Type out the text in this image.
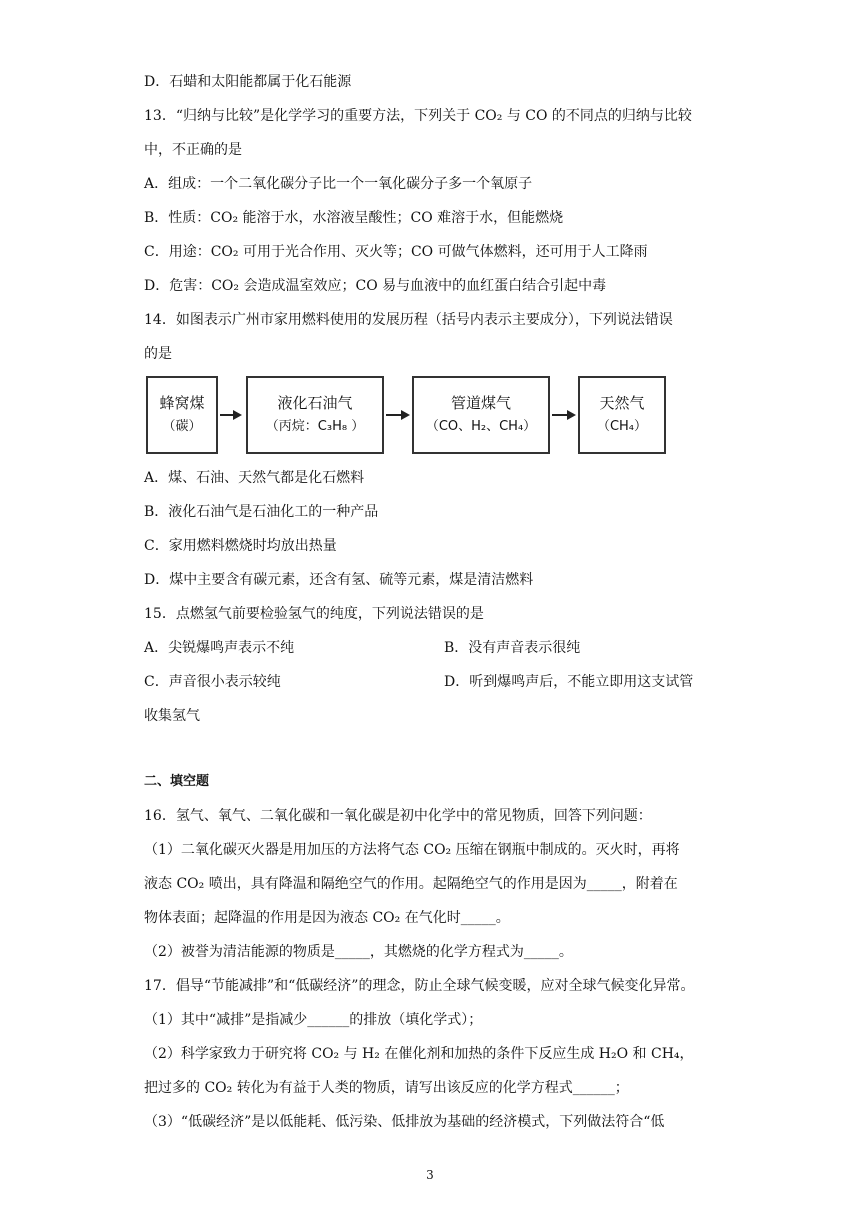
D．石蜡和太阳能都属于化石能源
13．“归纳与比较”是化学学习的重要方法，下列关于 CO₂ 与 CO 的不同点的归纳与比较
中，不正确的是
A．组成：一个二氧化碳分子比一个一氧化碳分子多一个氧原子
B．性质：CO₂ 能溶于水，水溶液呈酸性；CO 难溶于水，但能燃烧
C．用途：CO₂ 可用于光合作用、灭火等；CO 可做气体燃料，还可用于人工降雨
D．危害：CO₂ 会造成温室效应；CO 易与血液中的血红蛋白结合引起中毒
14．如图表示广州市家用燃料使用的发展历程（括号内表示主要成分），下列说法错误
的是
蜂窝煤
（碳）
液化石油气
（丙烷：C₃H₈ ）
管道煤气
（CO、H₂、CH₄）
天然气
（CH₄）
A．煤、石油、天然气都是化石燃料
B．液化石油气是石油化工的一种产品
C．家用燃料燃烧时均放出热量
D．煤中主要含有碳元素，还含有氢、硫等元素，煤是清洁燃料
15．点燃氢气前要检验氢气的纯度，下列说法错误的是
A．尖锐爆鸣声表示不纯	B．没有声音表示很纯
C．声音很小表示较纯	D．听到爆鸣声后，不能立即用这支试管
收集氢气
二、填空题
16．氢气、氧气、二氧化碳和一氧化碳是初中化学中的常见物质，回答下列问题：
（1）二氧化碳灭火器是用加压的方法将气态 CO₂ 压缩在钢瓶中制成的。灭火时，再将
液态 CO₂ 喷出，具有降温和隔绝空气的作用。起隔绝空气的作用是因为_____，附着在
物体表面；起降温的作用是因为液态 CO₂ 在气化时_____。
（2）被誉为清洁能源的物质是_____，其燃烧的化学方程式为_____。
17．倡导“节能减排”和“低碳经济”的理念，防止全球气候变暖，应对全球气候变化异常。
（1）其中“减排”是指减少______的排放（填化学式）；
（2）科学家致力于研究将 CO₂ 与 H₂ 在催化剂和加热的条件下反应生成 H₂O 和 CH₄，
把过多的 CO₂ 转化为有益于人类的物质，请写出该反应的化学方程式______；
（3）“低碳经济”是以低能耗、低污染、低排放为基础的经济模式，下列做法符合“低
3
